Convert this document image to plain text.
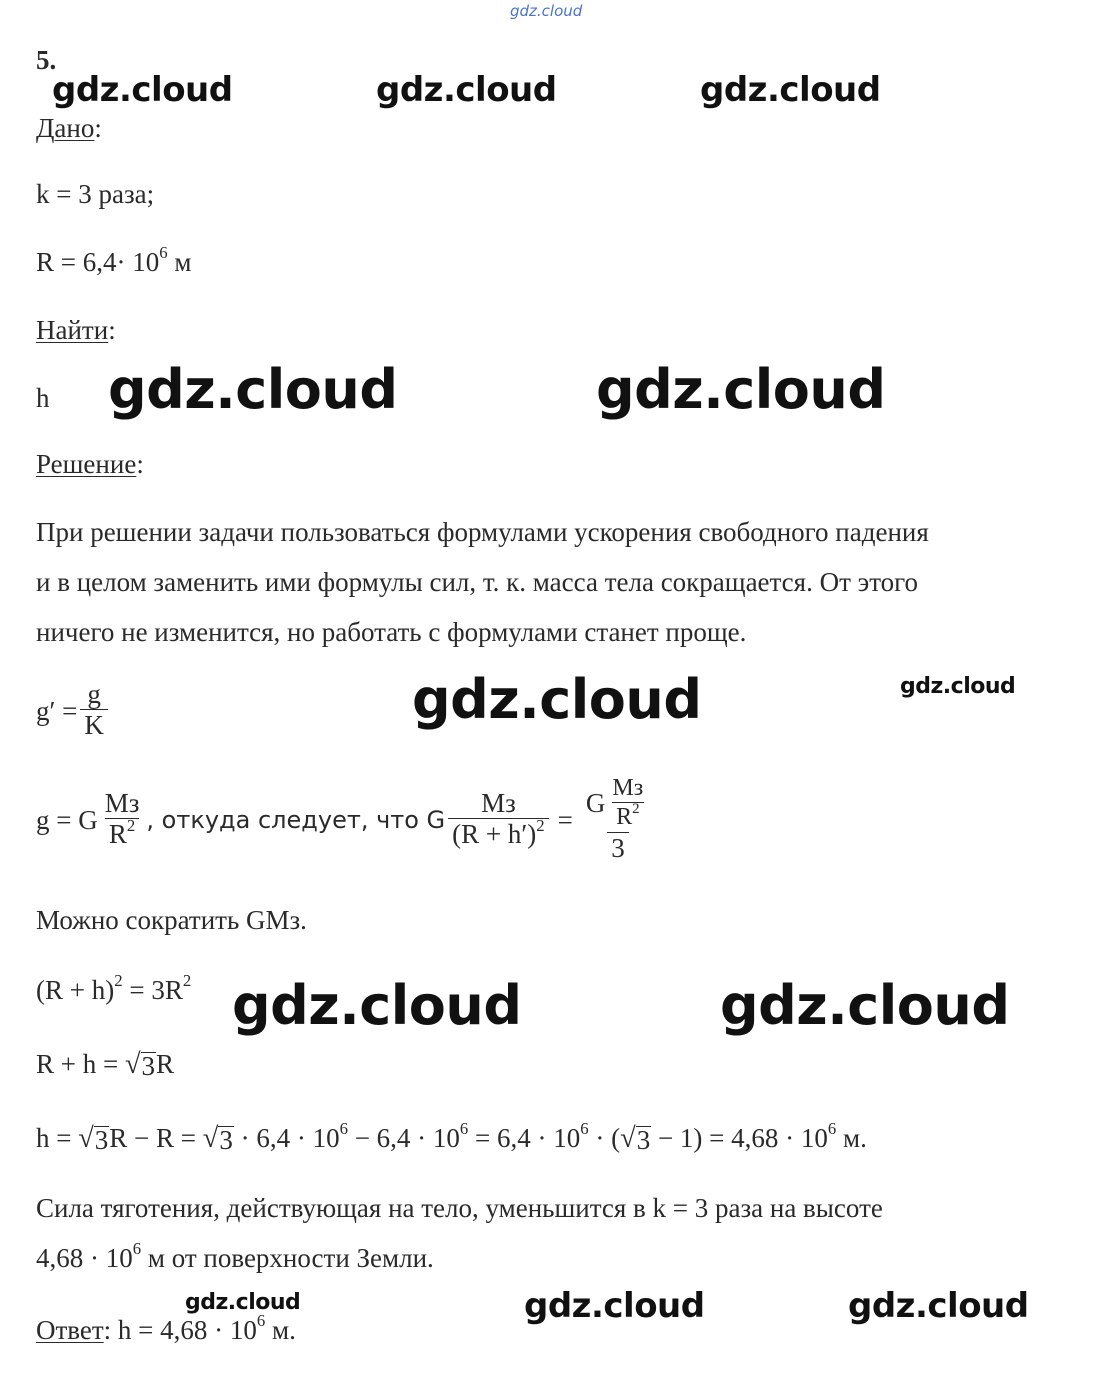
gdz.cloud
5.
gdz.cloud	gdz.cloud	gdz.cloud
Дано:
k = 3 раза;
$R = 6,4\cdot 10^6$ м
Найти:
h gdz.cloud	gdz.cloud
Решение:
При решении задачи пользоваться формулами ускорения свободного падения
и в целом заменить ими формулы сил, т. к. масса тела сокращается. От этого
ничего не изменится, но работать с формулами станет проще.
$g' = \frac{g}{K}$	gdz.cloud	gdz.cloud
g = G $\frac{Mз}{R^2}$ , откуда следует, что G $\frac{Mз}{(R + h')^2} = \frac{G \frac{Mз}{R^2}}{3}$
Можно сократить GMз.
$(R + h)^2 = 3R^2$ gdz.cloud	gdz.cloud
R + h = √ 3 R
h = √ 3 R − R = √ $3 \cdot 6,4 \cdot 10^6 - 6,4 \cdot 10^6 = 6,4 \cdot 10^6$ · ( √ $3 - 1) = 4,68 \cdot 10^6$ м.
Сила тяготения, действующая на тело, уменьшится в k = 3 раза на высоте
$4,68 \cdot 10^6$ м от поверхности Земли.
gdz.cloud	gdz.cloud	gdz.cloud
Ответ: $h = 4,68 \cdot 10^6$ м.
